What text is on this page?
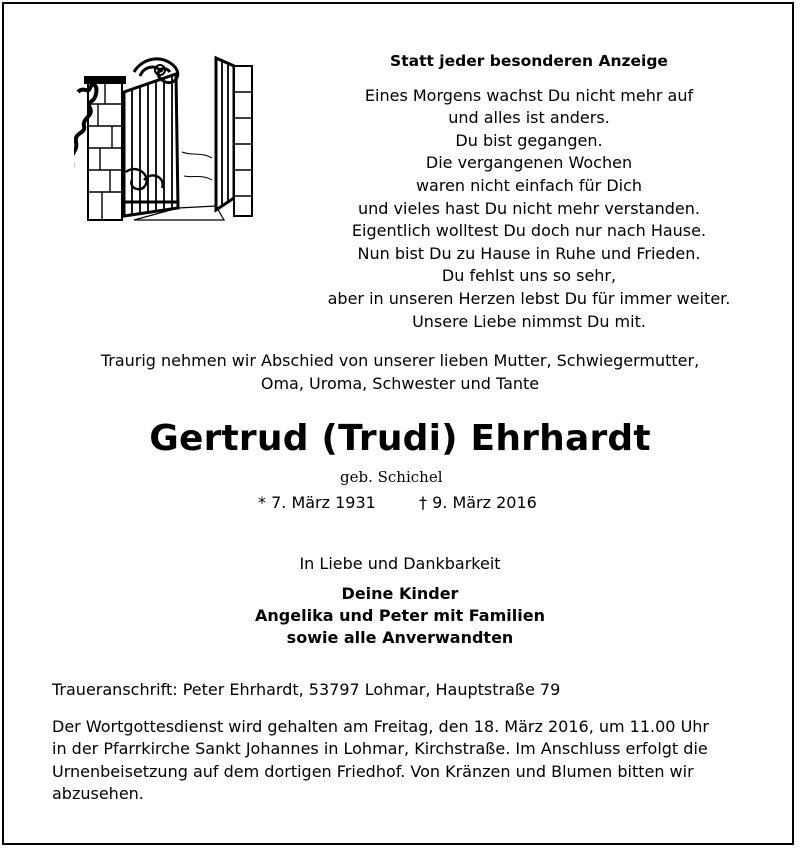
Statt jeder besonderen Anzeige
Eines Morgens wachst Du nicht mehr auf
und alles ist anders.
Du bist gegangen.
Die vergangenen Wochen
waren nicht einfach für Dich
und vieles hast Du nicht mehr verstanden.
Eigentlich wolltest Du doch nur nach Hause.
Nun bist Du zu Hause in Ruhe und Frieden.
Du fehlst uns so sehr,
aber in unseren Herzen lebst Du für immer weiter.
Unsere Liebe nimmst Du mit.
Traurig nehmen wir Abschied von unserer lieben Mutter, Schwiegermutter,
Oma, Uroma, Schwester und Tante
Gertrud (Trudi) Ehrhardt
geb. Schichel
* 7. März 1931	† 9. März 2016
In Liebe und Dankbarkeit
Deine Kinder
Angelika und Peter mit Familien
sowie alle Anverwandten
Traueranschrift: Peter Ehrhardt, 53797 Lohmar, Hauptstraße 79
Der Wortgottesdienst wird gehalten am Freitag, den 18. März 2016, um 11.00 Uhr
in der Pfarrkirche Sankt Johannes in Lohmar, Kirchstraße. Im Anschluss erfolgt die
Urnenbeisetzung auf dem dortigen Friedhof. Von Kränzen und Blumen bitten wir
abzusehen.
